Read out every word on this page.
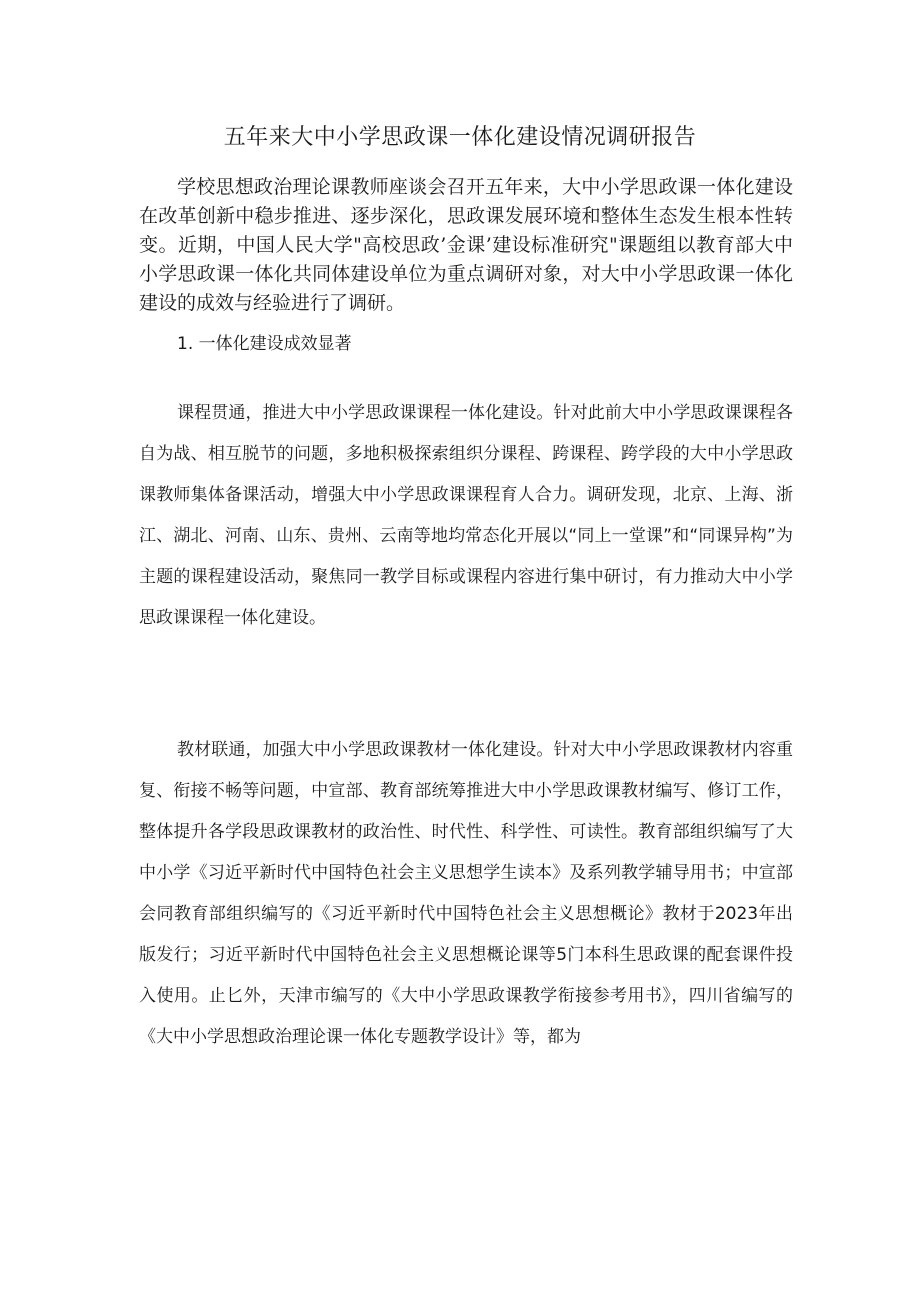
五年来大中小学思政课一体化建设情况调研报告

学校思想政治理论课教师座谈会召开五年来，大中小学思政课一体化建设在改革创新中稳步推进、逐步深化，思政课发展环境和整体生态发生根本性转变。近期，中国人民大学"高校思政’金课’建设标准研究"课题组以教育部大中小学思政课一体化共同体建设单位为重点调研对象，对大中小学思政课一体化建设的成效与经验进行了调研。

1. 一体化建设成效显著

课程贯通，推进大中小学思政课课程一体化建设。针对此前大中小学思政课课程各自为战、相互脱节的问题，多地积极探索组织分课程、跨课程、跨学段的大中小学思政课教师集体备课活动，增强大中小学思政课课程育人合力。调研发现，北京、上海、浙江、湖北、河南、山东、贵州、云南等地均常态化开展以“同上一堂课”和“同课异构”为主题的课程建设活动，聚焦同一教学目标或课程内容进行集中研讨，有力推动大中小学思政课课程一体化建设。

教材联通，加强大中小学思政课教材一体化建设。针对大中小学思政课教材内容重复、衔接不畅等问题，中宣部、教育部统筹推进大中小学思政课教材编写、修订工作，整体提升各学段思政课教材的政治性、时代性、科学性、可读性。教育部组织编写了大中小学《习近平新时代中国特色社会主义思想学生读本》及系列教学辅导用书；中宣部会同教育部组织编写的《习近平新时代中国特色社会主义思想概论》教材于2023年出版发行；习近平新时代中国特色社会主义思想概论课等5门本科生思政课的配套课件投入使用。止匕外，天津市编写的《大中小学思政课教学衔接参考用书》，四川省编写的《大中小学思想政治理论课一体化专题教学设计》等，都为
